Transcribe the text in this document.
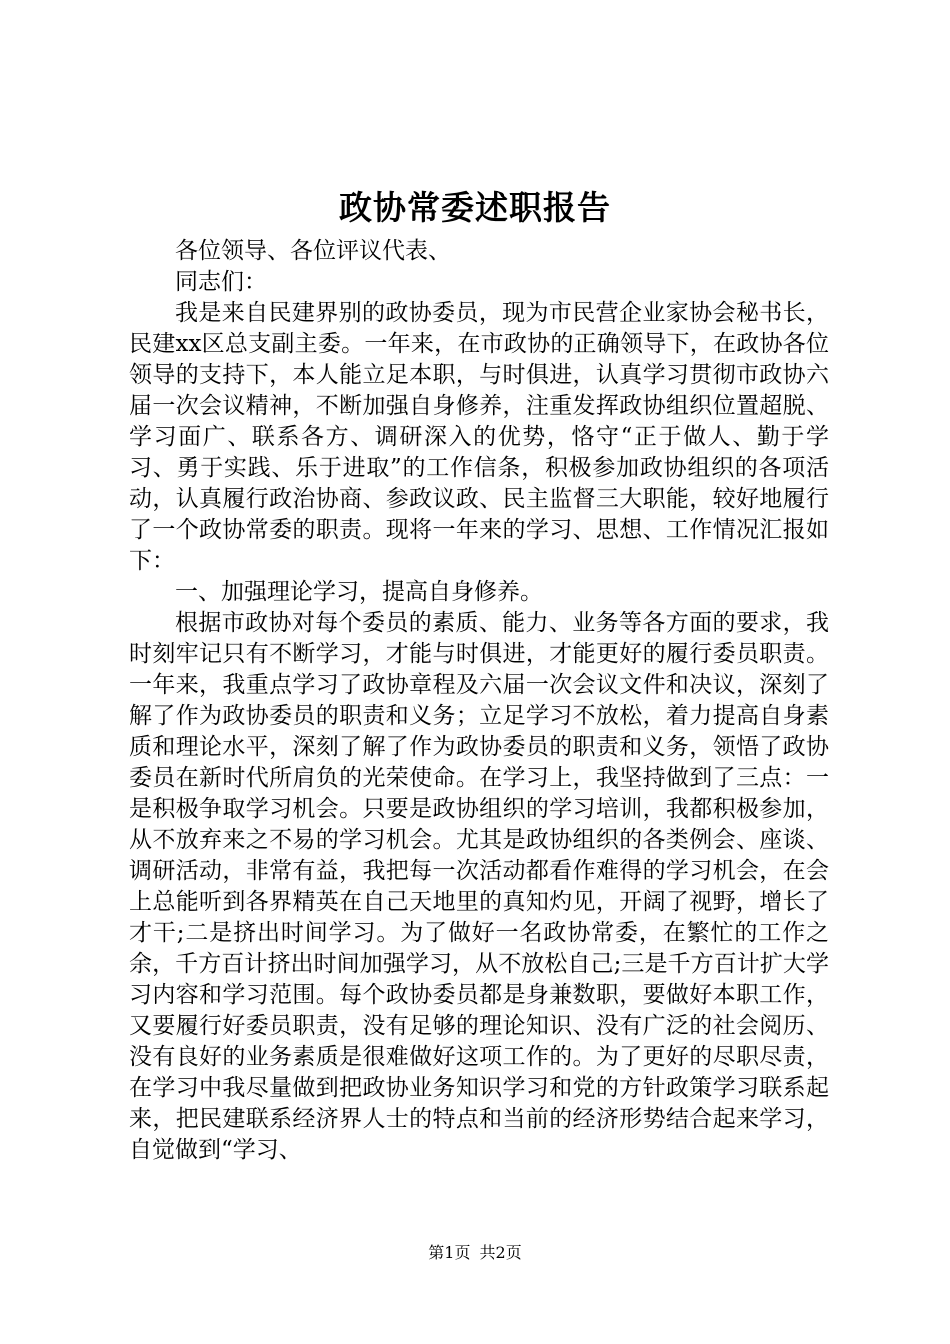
政协常委述职报告

各位领导、各位评议代表、

同志们：

我是来自民建界别的政协委员，现为市民营企业家协会秘书长，民建xx区总支副主委。一年来，在市政协的正确领导下，在政协各位领导的支持下，本人能立足本职，与时俱进，认真学习贯彻市政协六届一次会议精神，不断加强自身修养，注重发挥政协组织位置超脱、学习面广、联系各方、调研深入的优势，恪守“正于做人、勤于学习、勇于实践、乐于进取”的工作信条，积极参加政协组织的各项活动，认真履行政治协商、参政议政、民主监督三大职能，较好地履行了一个政协常委的职责。现将一年来的学习、思想、工作情况汇报如下：

一、加强理论学习，提高自身修养。

根据市政协对每个委员的素质、能力、业务等各方面的要求，我时刻牢记只有不断学习，才能与时俱进，才能更好的履行委员职责。一年来，我重点学习了政协章程及六届一次会议文件和决议，深刻了解了作为政协委员的职责和义务；立足学习不放松，着力提高自身素质和理论水平，深刻了解了作为政协委员的职责和义务，领悟了政协委员在新时代所肩负的光荣使命。在学习上，我坚持做到了三点：一是积极争取学习机会。只要是政协组织的学习培训，我都积极参加，从不放弃来之不易的学习机会。尤其是政协组织的各类例会、座谈、调研活动，非常有益，我把每一次活动都看作难得的学习机会，在会上总能听到各界精英在自己天地里的真知灼见，开阔了视野，增长了才干;二是挤出时间学习。为了做好一名政协常委，在繁忙的工作之余，千方百计挤出时间加强学习，从不放松自己;三是千方百计扩大学习内容和学习范围。每个政协委员都是身兼数职，要做好本职工作，又要履行好委员职责，没有足够的理论知识、没有广泛的社会阅历、没有良好的业务素质是很难做好这项工作的。为了更好的尽职尽责，在学习中我尽量做到把政协业务知识学习和党的方针政策学习联系起来，把民建联系经济界人士的特点和当前的经济形势结合起来学习，自觉做到“学习、

第1页 共2页
